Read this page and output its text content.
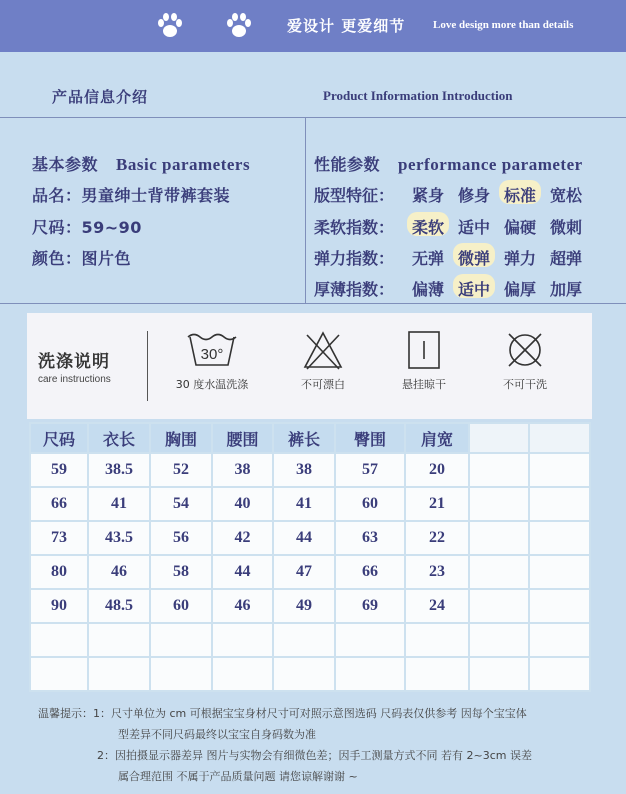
爱设计 更爱细节	Love design more than details
产品信息介绍	Product Information Introduction
基本参数 Basic parameters
品名：男童绅士背带裤套装
尺码：59~90
颜色：图片色
性能参数 performance parameter
版型特征：	紧身 修身 标准 宽松
柔软指数：	柔软 适中 偏硬 微刺
弹力指数：	无弹 微弹 弹力 超弹
厚薄指数：	偏薄 适中 偏厚 加厚
洗涤说明
care instructions
30°
30 度水温洗涤	不可漂白	悬挂晾干	不可干洗
尺码	衣长	胸围	腰围	裤长	臀围	肩宽		
59	38.5	52	38	38	57	20		
66	41	54	40	41	60	21		
73	43.5	56	42	44	63	22		
80	46	58	44	47	66	23		
90	48.5	60	46	49	69	24		

温馨提示：1：尺寸单位为 cm 可根据宝宝身材尺寸可对照示意图选码 尺码表仅供参考 因每个宝宝体
型差异不同尺码最终以宝宝自身码数为准
2：因拍摄显示器差异 图片与实物会有细微色差；因手工测量方式不同 若有 2~3cm 误差
属合理范围 不属于产品质量问题 请您谅解谢谢 ~
